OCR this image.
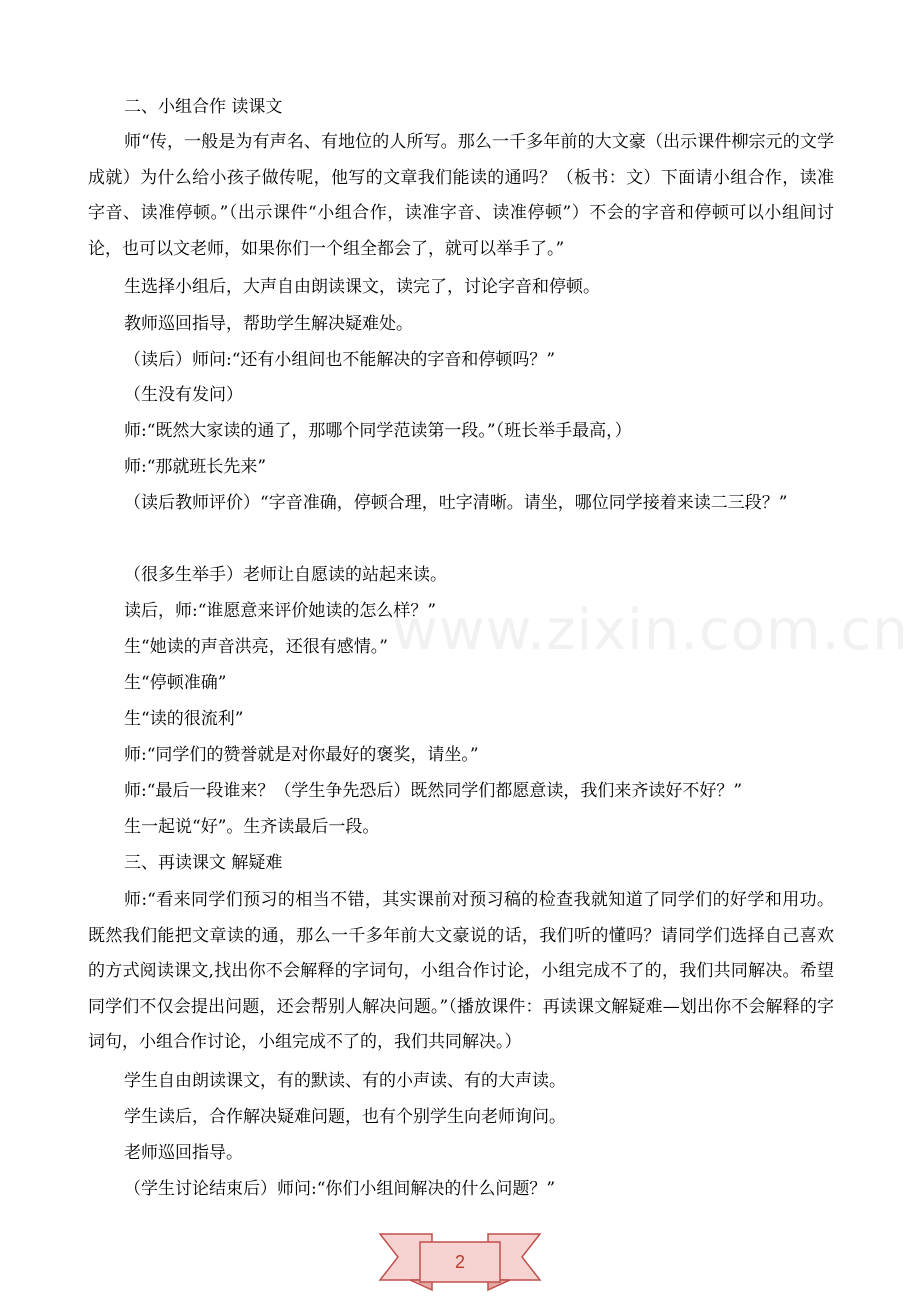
www.zixin.com.cn

二、小组合作 读课文

师“传，一般是为有声名、有地位的人所写。那么一千多年前的大文豪（出示课件柳宗元的文学成就）为什么给小孩子做传呢，他写的文章我们能读的通吗？（板书：文）下面请小组合作，读准字音、读准停顿。”（出示课件“小组合作，读准字音、读准停顿”）不会的字音和停顿可以小组间讨论，也可以文老师，如果你们一个组全都会了，就可以举手了。”

生选择小组后，大声自由朗读课文，读完了，讨论字音和停顿。

教师巡回指导，帮助学生解决疑难处。

（读后）师问:“还有小组间也不能解决的字音和停顿吗？”

（生没有发问）

师:“既然大家读的通了，那哪个同学范读第一段。”（班长举手最高，）

师:“那就班长先来”

（读后教师评价）“字音准确，停顿合理，吐字清晰。请坐，哪位同学接着来读二三段？”

（很多生举手）老师让自愿读的站起来读。

读后，师:“谁愿意来评价她读的怎么样？”

生“她读的声音洪亮，还很有感情。”

生“停顿准确”

生“读的很流利”

师:“同学们的赞誉就是对你最好的褒奖，请坐。”

师:“最后一段谁来？（学生争先恐后）既然同学们都愿意读，我们来齐读好不好？”

生一起说“好”。生齐读最后一段。

三、再读课文 解疑难

师:“看来同学们预习的相当不错，其实课前对预习稿的检查我就知道了同学们的好学和用功。既然我们能把文章读的通，那么一千多年前大文豪说的话，我们听的懂吗？请同学们选择自己喜欢的方式阅读课文,找出你不会解释的字词句，小组合作讨论，小组完成不了的，我们共同解决。希望同学们不仅会提出问题，还会帮别人解决问题。”（播放课件：再读课文解疑难—划出你不会解释的字词句，小组合作讨论，小组完成不了的，我们共同解决。）

学生自由朗读课文，有的默读、有的小声读、有的大声读。

学生读后，合作解决疑难问题，也有个别学生向老师询问。

老师巡回指导。

（学生讨论结束后）师问:“你们小组间解决的什么问题？”

2
